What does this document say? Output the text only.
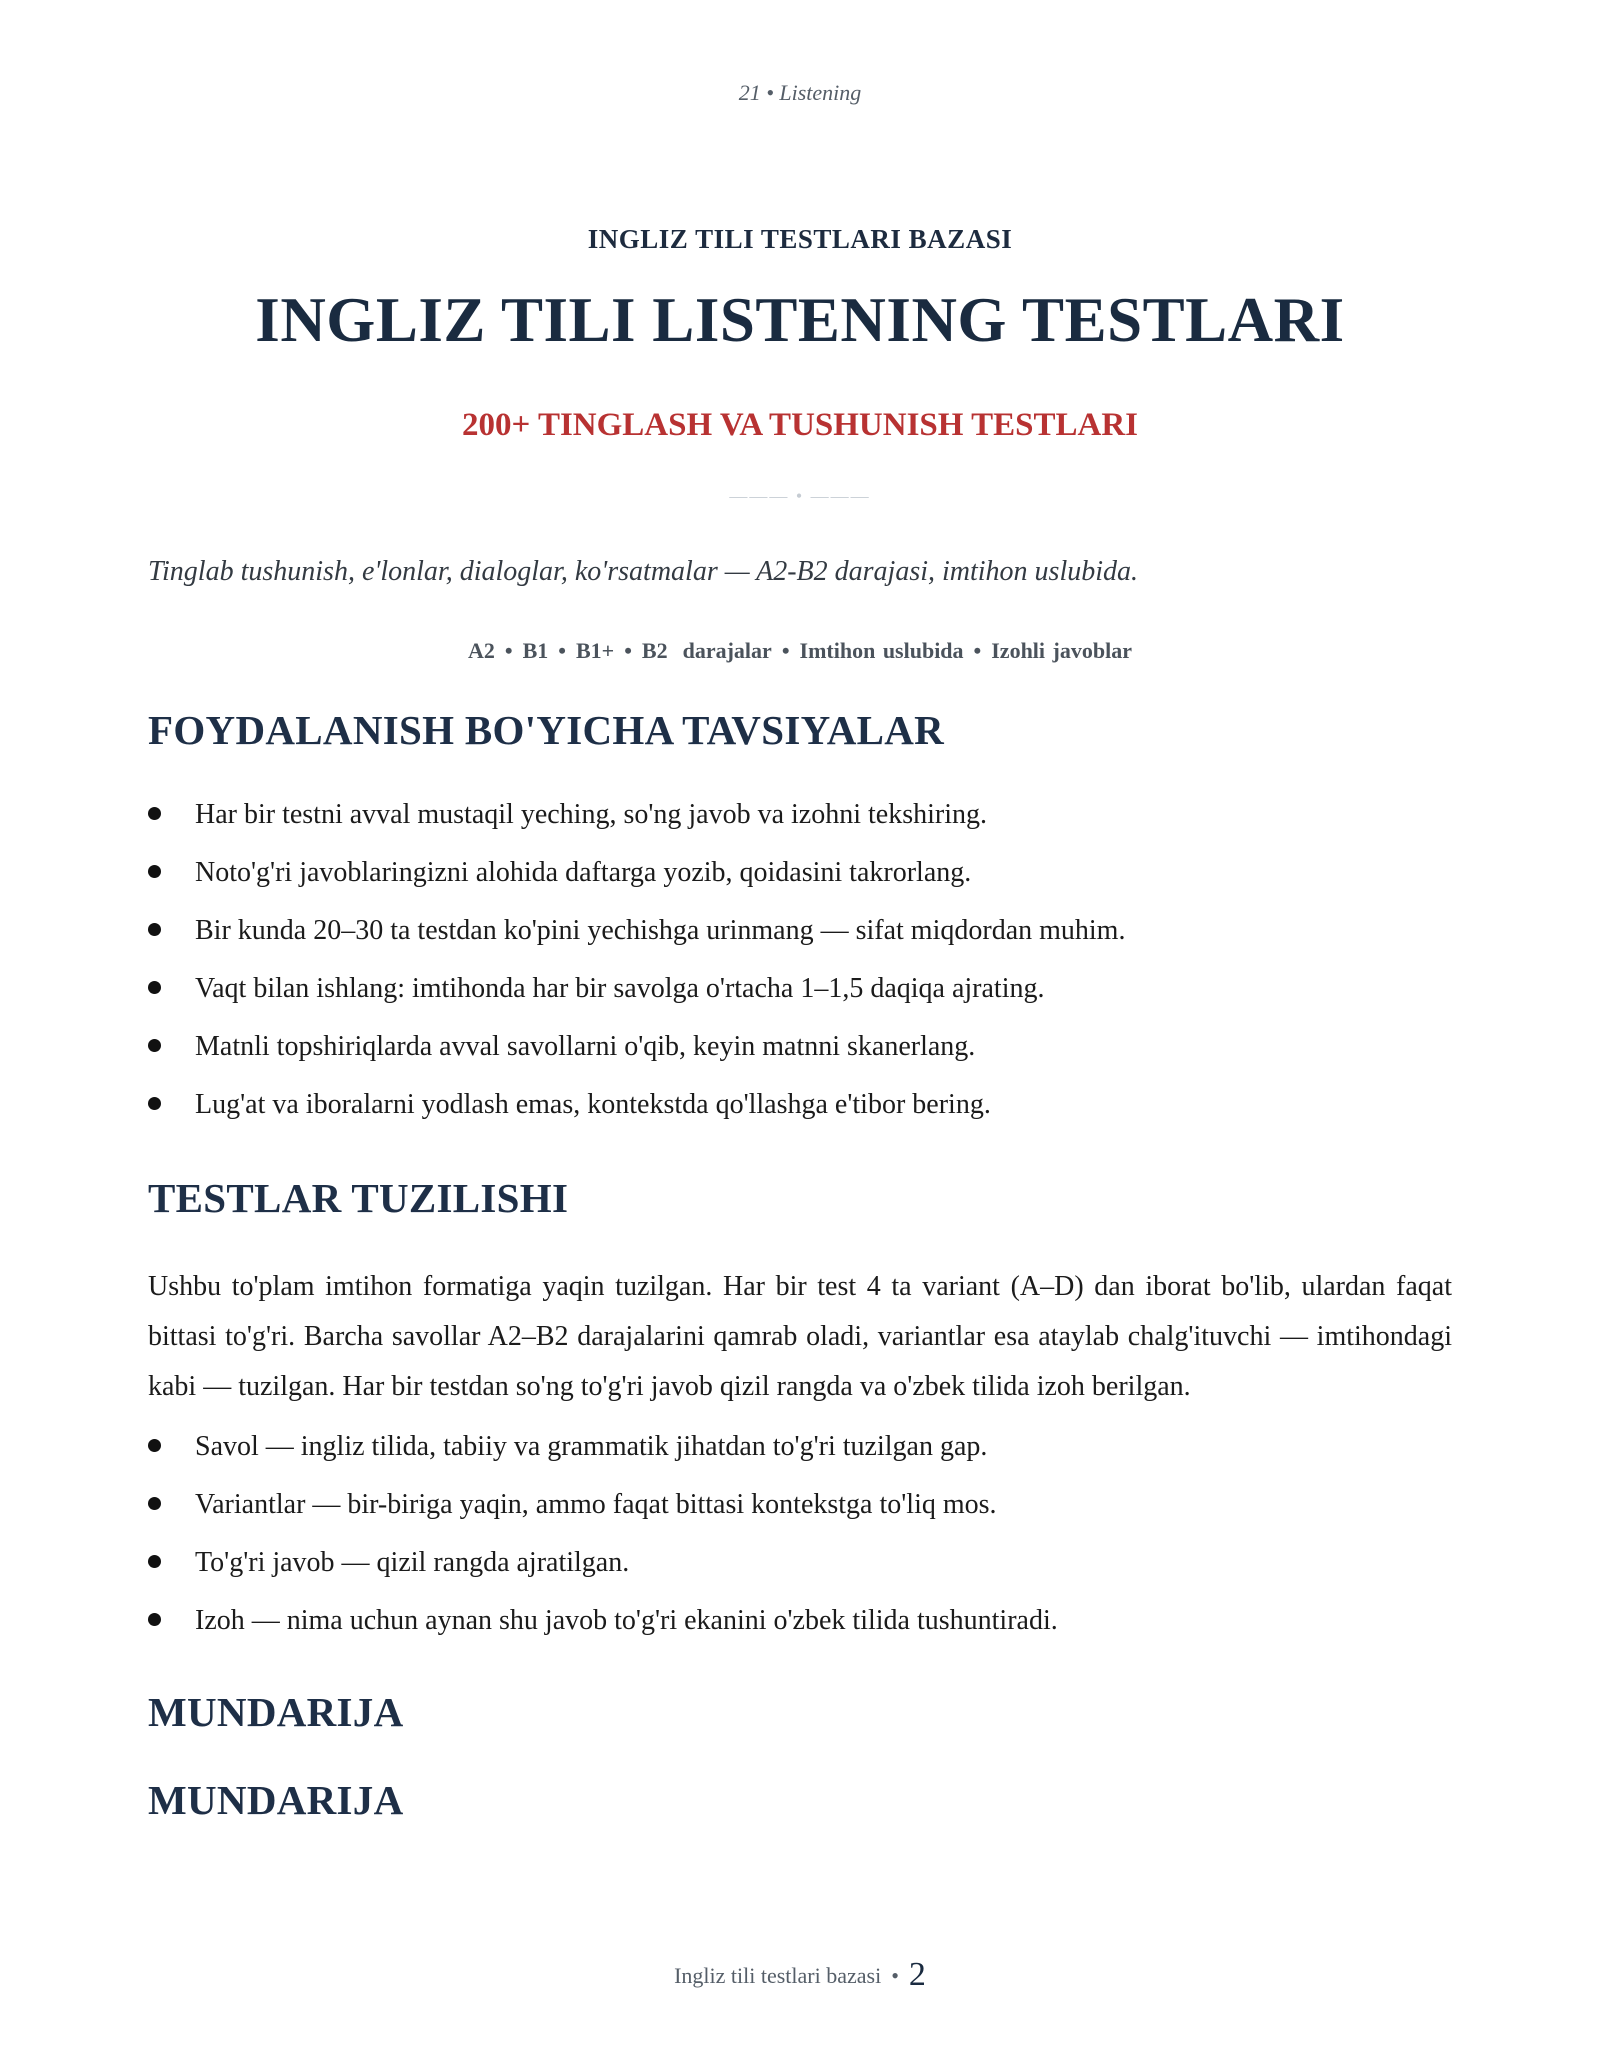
21 • Listening
INGLIZ TILI TESTLARI BAZASI
INGLIZ TILI LISTENING TESTLARI
200+ TINGLASH VA TUSHUNISH TESTLARI
——— • ———
Tinglab tushunish, e'lonlar, dialoglar, ko'rsatmalar — A2-B2 darajasi, imtihon uslubida.
A2 • B1 • B1+ • B2  darajalar • Imtihon uslubida • Izohli javoblar
FOYDALANISH BO'YICHA TAVSIYALAR
Har bir testni avval mustaqil yeching, so'ng javob va izohni tekshiring.
Noto'g'ri javoblaringizni alohida daftarga yozib, qoidasini takrorlang.
Bir kunda 20–30 ta testdan ko'pini yechishga urinmang — sifat miqdordan muhim.
Vaqt bilan ishlang: imtihonda har bir savolga o'rtacha 1–1,5 daqiqa ajrating.
Matnli topshiriqlarda avval savollarni o'qib, keyin matnni skanerlang.
Lug'at va iboralarni yodlash emas, kontekstda qo'llashga e'tibor bering.
TESTLAR TUZILISHI
Ushbu to'plam imtihon formatiga yaqin tuzilgan. Har bir test 4 ta variant (A–D) dan iborat bo'lib, ulardan faqat bittasi to'g'ri. Barcha savollar A2–B2 darajalarini qamrab oladi, variantlar esa ataylab chalg'ituvchi — imtihondagi kabi — tuzilgan. Har bir testdan so'ng to'g'ri javob qizil rangda va o'zbek tilida izoh berilgan.
Savol — ingliz tilida, tabiiy va grammatik jihatdan to'g'ri tuzilgan gap.
Variantlar — bir-biriga yaqin, ammo faqat bittasi kontekstga to'liq mos.
To'g'ri javob — qizil rangda ajratilgan.
Izoh — nima uchun aynan shu javob to'g'ri ekanini o'zbek tilida tushuntiradi.
MUNDARIJA
MUNDARIJA
Ingliz tili testlari bazasi • 2
